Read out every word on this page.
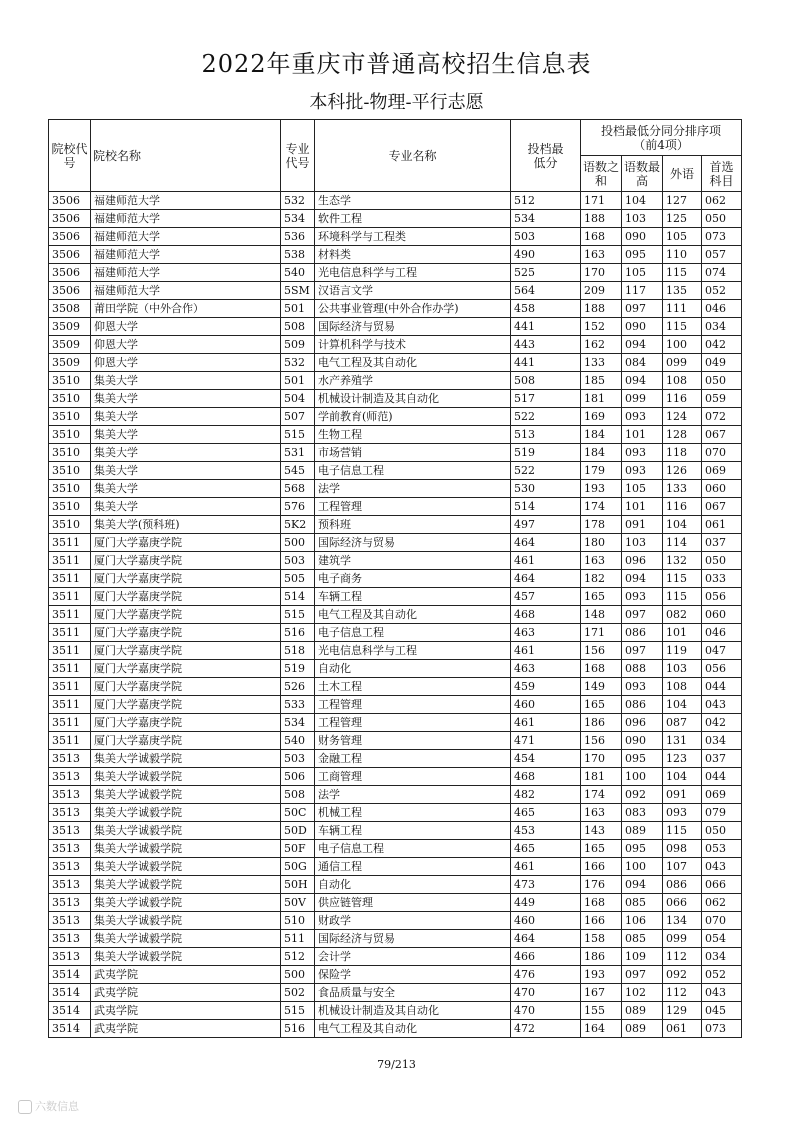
2022年重庆市普通高校招生信息表
本科批-物理-平行志愿
院校代号	院校名称	专业代号	专业名称	投档最低分	投档最低分同分排序项（前4项）			
					语数之和	语数最高	外语	首选科目
3506	福建师范大学	532	生态学	512	171	104	127	062
3506	福建师范大学	534	软件工程	534	188	103	125	050
3506	福建师范大学	536	环境科学与工程类	503	168	090	105	073
3506	福建师范大学	538	材料类	490	163	095	110	057
3506	福建师范大学	540	光电信息科学与工程	525	170	105	115	074
3506	福建师范大学	5SM	汉语言文学	564	209	117	135	052
3508	莆田学院（中外合作）	501	公共事业管理(中外合作办学)	458	188	097	111	046
3509	仰恩大学	508	国际经济与贸易	441	152	090	115	034
3509	仰恩大学	509	计算机科学与技术	443	162	094	100	042
3509	仰恩大学	532	电气工程及其自动化	441	133	084	099	049
3510	集美大学	501	水产养殖学	508	185	094	108	050
3510	集美大学	504	机械设计制造及其自动化	517	181	099	116	059
3510	集美大学	507	学前教育(师范)	522	169	093	124	072
3510	集美大学	515	生物工程	513	184	101	128	067
3510	集美大学	531	市场营销	519	184	093	118	070
3510	集美大学	545	电子信息工程	522	179	093	126	069
3510	集美大学	568	法学	530	193	105	133	060
3510	集美大学	576	工程管理	514	174	101	116	067
3510	集美大学(预科班)	5K2	预科班	497	178	091	104	061
3511	厦门大学嘉庚学院	500	国际经济与贸易	464	180	103	114	037
3511	厦门大学嘉庚学院	503	建筑学	461	163	096	132	050
3511	厦门大学嘉庚学院	505	电子商务	464	182	094	115	033
3511	厦门大学嘉庚学院	514	车辆工程	457	165	093	115	056
3511	厦门大学嘉庚学院	515	电气工程及其自动化	468	148	097	082	060
3511	厦门大学嘉庚学院	516	电子信息工程	463	171	086	101	046
3511	厦门大学嘉庚学院	518	光电信息科学与工程	461	156	097	119	047
3511	厦门大学嘉庚学院	519	自动化	463	168	088	103	056
3511	厦门大学嘉庚学院	526	土木工程	459	149	093	108	044
3511	厦门大学嘉庚学院	533	工程管理	460	165	086	104	043
3511	厦门大学嘉庚学院	534	工程管理	461	186	096	087	042
3511	厦门大学嘉庚学院	540	财务管理	471	156	090	131	034
3513	集美大学诚毅学院	503	金融工程	454	170	095	123	037
3513	集美大学诚毅学院	506	工商管理	468	181	100	104	044
3513	集美大学诚毅学院	508	法学	482	174	092	091	069
3513	集美大学诚毅学院	50C	机械工程	465	163	083	093	079
3513	集美大学诚毅学院	50D	车辆工程	453	143	089	115	050
3513	集美大学诚毅学院	50F	电子信息工程	465	165	095	098	053
3513	集美大学诚毅学院	50G	通信工程	461	166	100	107	043
3513	集美大学诚毅学院	50H	自动化	473	176	094	086	066
3513	集美大学诚毅学院	50V	供应链管理	449	168	085	066	062
3513	集美大学诚毅学院	510	财政学	460	166	106	134	070
3513	集美大学诚毅学院	511	国际经济与贸易	464	158	085	099	054
3513	集美大学诚毅学院	512	会计学	466	186	109	112	034
3514	武夷学院	500	保险学	476	193	097	092	052
3514	武夷学院	502	食品质量与安全	470	167	102	112	043
3514	武夷学院	515	机械设计制造及其自动化	470	155	089	129	045
3514	武夷学院	516	电气工程及其自动化	472	164	089	061	073
79/213
六数信息
